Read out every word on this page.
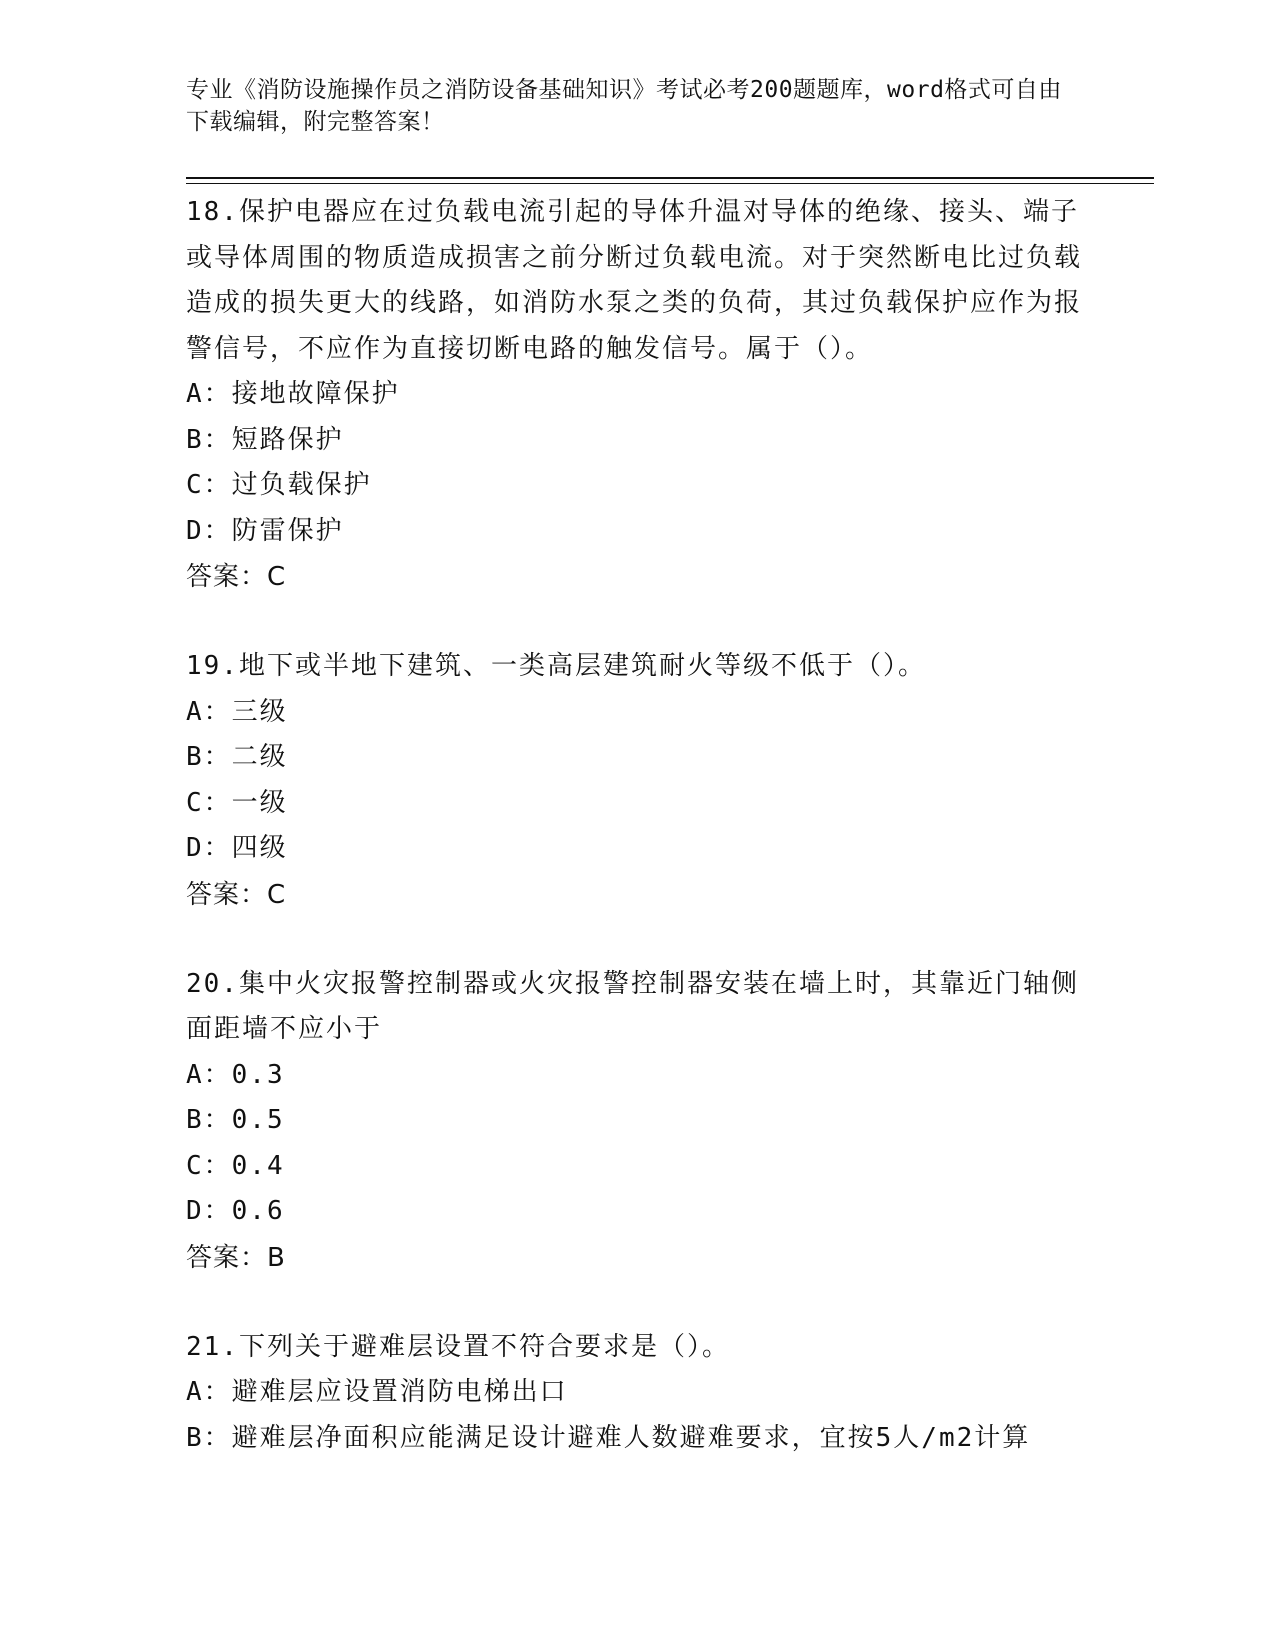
专业《消防设施操作员之消防设备基础知识》考试必考200题题库，word格式可自由下载编辑，附完整答案！
18.保护电器应在过负载电流引起的导体升温对导体的绝缘、接头、端子或导体周围的物质造成损害之前分断过负载电流。对于突然断电比过负载造成的损失更大的线路，如消防水泵之类的负荷，其过负载保护应作为报警信号，不应作为直接切断电路的触发信号。属于（）。
A：接地故障保护
B：短路保护
C：过负载保护
D：防雷保护
答案：C
19.地下或半地下建筑、一类高层建筑耐火等级不低于（）。
A：三级
B：二级
C：一级
D：四级
答案：C
20.集中火灾报警控制器或火灾报警控制器安装在墙上时，其靠近门轴侧面距墙不应小于
A：0.3
B：0.5
C：0.4
D：0.6
答案：B
21.下列关于避难层设置不符合要求是（）。
A：避难层应设置消防电梯出口
B：避难层净面积应能满足设计避难人数避难要求，宜按5人/m2计算
